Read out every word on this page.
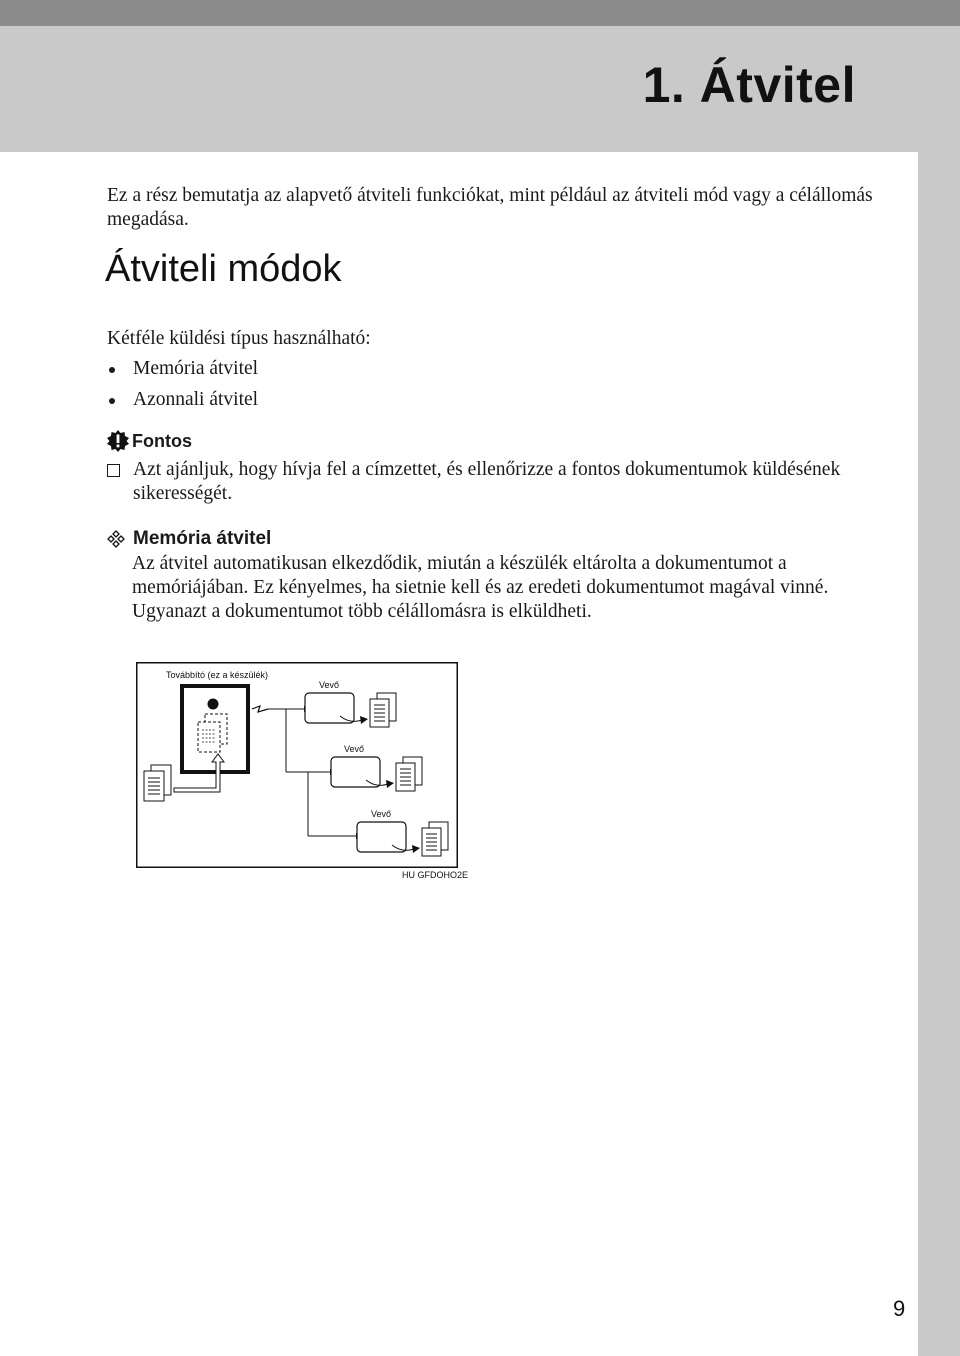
1. Átvitel

Ez a rész bemutatja az alapvető átviteli funkciókat, mint például az átviteli mód vagy a célállomás megadása.

Átviteli módok

Kétféle küldési típus használható:

Memória átvitel
Azonnali átvitel
Fontos
Azt ajánljuk, hogy hívja fel a címzettet, és ellenőrizze a fontos dokumentumok küldésének sikerességét.
Memória átvitel
Az átvitel automatikusan elkezdődik, miután a készülék eltárolta a dokumentumot a memóriájában. Ez kényelmes, ha sietnie kell és az eredeti dokumentumot magával vinné. Ugyanazt a dokumentumot több célállomásra is elküldheti.
Továbbító (ez a készülék)
Vevő
Vevő
Vevő
HU GFDOHO2E
9
